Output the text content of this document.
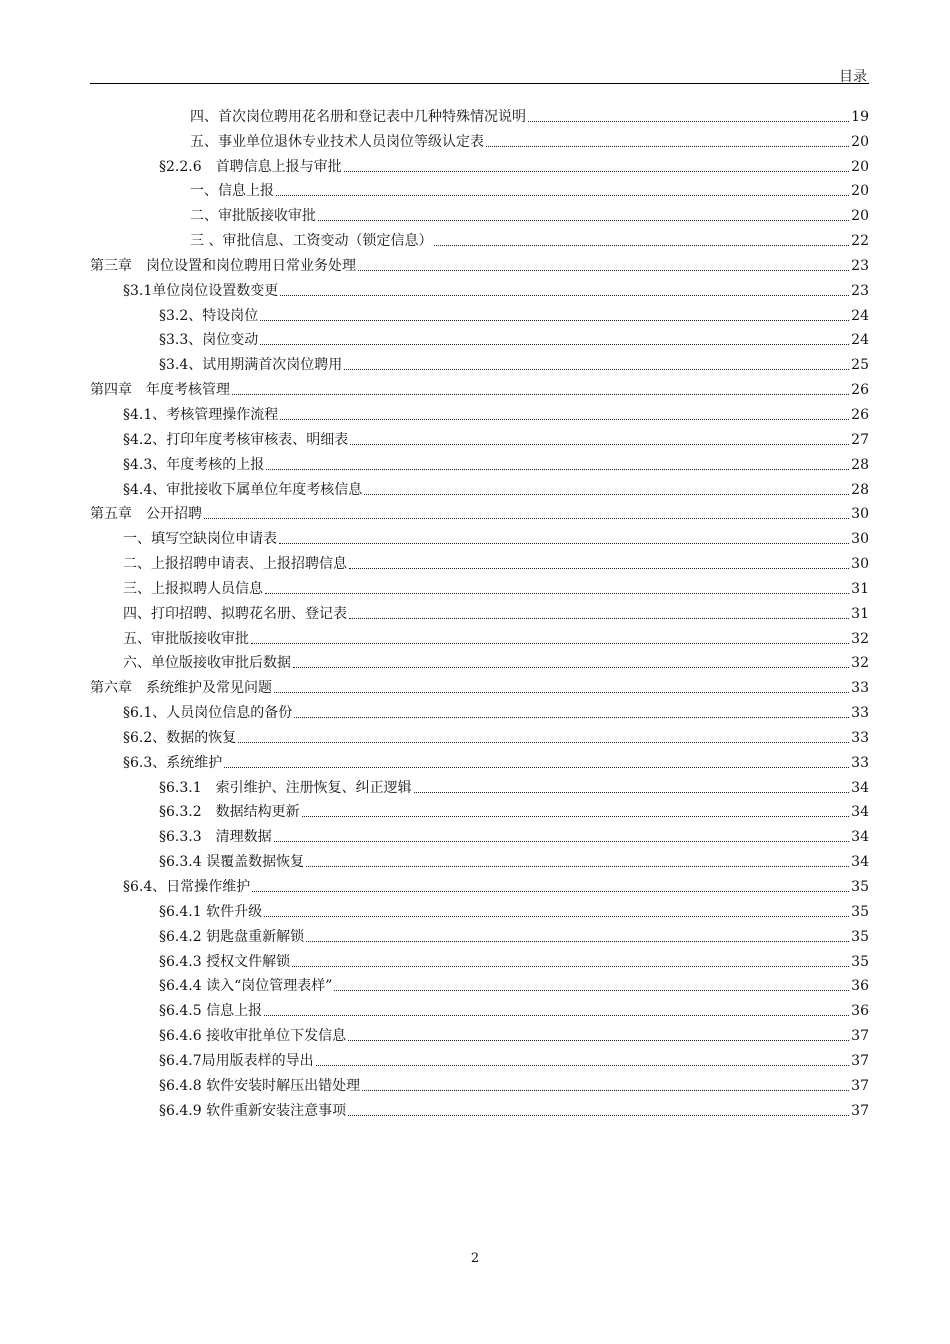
目录
四、首次岗位聘用花名册和登记表中几种特殊情况说明	19
五、事业单位退休专业技术人员岗位等级认定表	20
§2.2.6　首聘信息上报与审批	20
一、信息上报	20
二、审批版接收审批	20
三 、审批信息、工资变动（锁定信息）	22
第三章　岗位设置和岗位聘用日常业务处理	23
§3.1单位岗位设置数变更	23
§3.2、特设岗位	24
§3.3、岗位变动	24
§3.4、试用期满首次岗位聘用	25
第四章　年度考核管理	26
§4.1、考核管理操作流程	26
§4.2、打印年度考核审核表、明细表	27
§4.3、年度考核的上报	28
§4.4、审批接收下属单位年度考核信息	28
第五章　公开招聘	30
一、填写空缺岗位申请表	30
二、上报招聘申请表、上报招聘信息	30
三、上报拟聘人员信息	31
四、打印招聘、拟聘花名册、登记表	31
五、审批版接收审批	32
六、单位版接收审批后数据	32
第六章　系统维护及常见问题	33
§6.1、人员岗位信息的备份	33
§6.2、数据的恢复	33
§6.3、系统维护	33
§6.3.1　索引维护、注册恢复、纠正逻辑	34
§6.3.2　数据结构更新	34
§6.3.3　清理数据	34
§6.3.4 误覆盖数据恢复	34
§6.4、日常操作维护	35
§6.4.1 软件升级	35
§6.4.2 钥匙盘重新解锁	35
§6.4.3 授权文件解锁	35
§6.4.4 读入“岗位管理表样”	36
§6.4.5 信息上报	36
§6.4.6 接收审批单位下发信息	37
§6.4.7局用版表样的导出	37
§6.4.8 软件安装时解压出错处理	37
§6.4.9 软件重新安装注意事项	37
2
